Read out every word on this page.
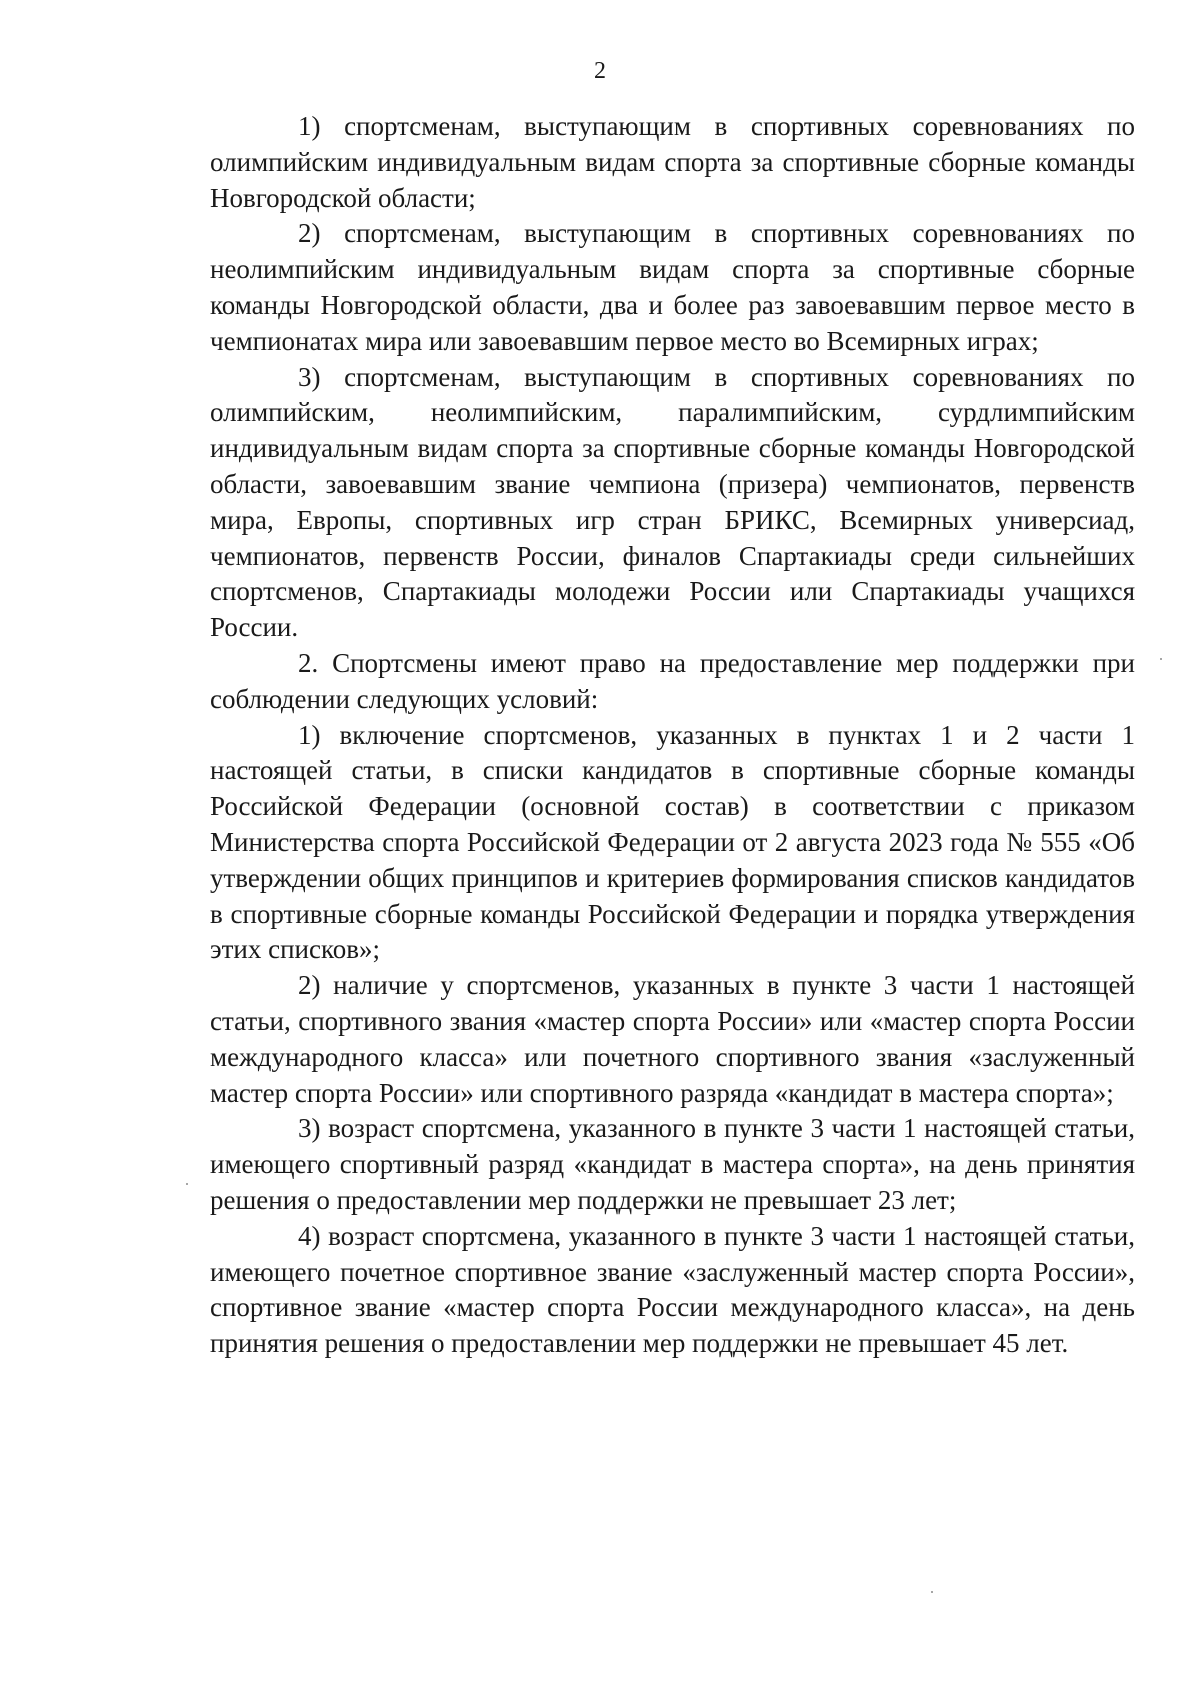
2

1) спортсменам, выступающим в спортивных соревнованиях по олимпийским индивидуальным видам спорта за спортивные сборные команды Новгородской области;

2) спортсменам, выступающим в спортивных соревнованиях по неолимпийским индивидуальным видам спорта за спортивные сборные команды Новгородской области, два и более раз завоевавшим первое место в чемпионатах мира или завоевавшим первое место во Всемирных играх;

3) спортсменам, выступающим в спортивных соревнованиях по олимпийским, неолимпийским, паралимпийским, сурдлимпийским индивидуальным видам спорта за спортивные сборные команды Новгородской области, завоевавшим звание чемпиона (призера) чемпионатов, первенств мира, Европы, спортивных игр стран БРИКС, Всемирных универсиад, чемпионатов, первенств России, финалов Спартакиады среди сильнейших спортсменов, Спартакиады молодежи России или Спартакиады учащихся России.

2. Спортсмены имеют право на предоставление мер поддержки при соблюдении следующих условий:

1) включение спортсменов, указанных в пунктах 1 и 2 части 1 настоящей статьи, в списки кандидатов в спортивные сборные команды Российской Федерации (основной состав) в соответствии с приказом Министерства спорта Российской Федерации от 2 августа 2023 года № 555 «Об утверждении общих принципов и критериев формирования списков кандидатов в спортивные сборные команды Российской Федерации и порядка утверждения этих списков»;

2) наличие у спортсменов, указанных в пункте 3 части 1 настоящей статьи, спортивного звания «мастер спорта России» или «мастер спорта России международного класса» или почетного спортивного звания «заслуженный мастер спорта России» или спортивного разряда «кандидат в мастера спорта»;

3) возраст спортсмена, указанного в пункте 3 части 1 настоящей статьи, имеющего спортивный разряд «кандидат в мастера спорта», на день принятия решения о предоставлении мер поддержки не превышает 23 лет;

4) возраст спортсмена, указанного в пункте 3 части 1 настоящей статьи, имеющего почетное спортивное звание «заслуженный мастер спорта России», спортивное звание «мастер спорта России международного класса», на день принятия решения о предоставлении мер поддержки не превышает 45 лет.
